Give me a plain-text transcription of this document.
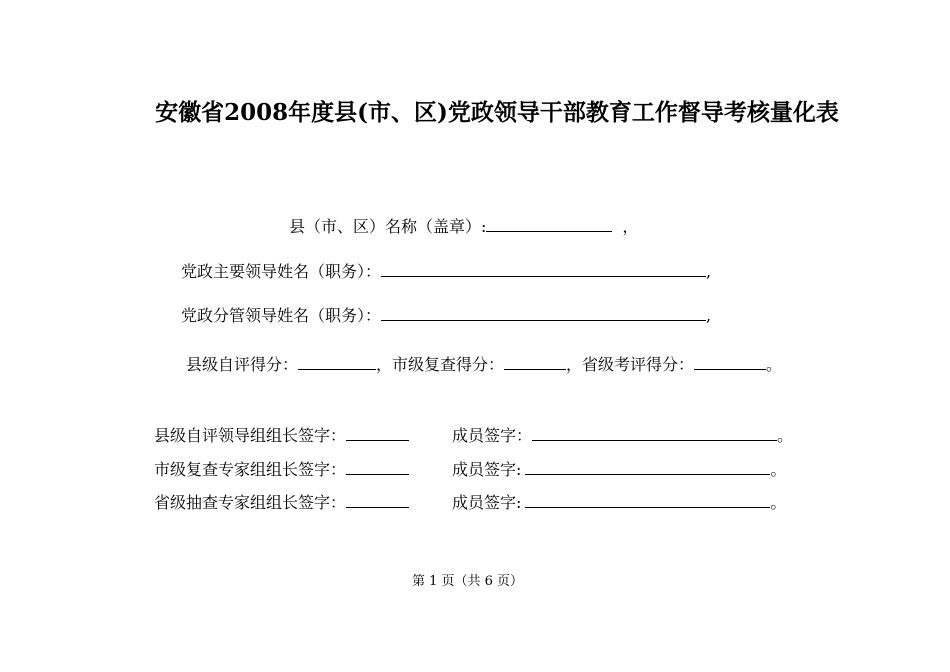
安徽省2008年度县(市、区)党政领导干部教育工作督导考核量化表
县（市、区）名称（盖章）:	，
党政主要领导姓名（职务）：	,
党政分管领导姓名（职务）：	,
县级自评得分：	，市级复查得分：	，省级考评得分：	。
县级自评领导组组长签字：	成员签字：	。
市级复查专家组组长签字：	成员签字:	。
省级抽查专家组组长签字：	成员签字:	。
第 1 页（共 6 页）
